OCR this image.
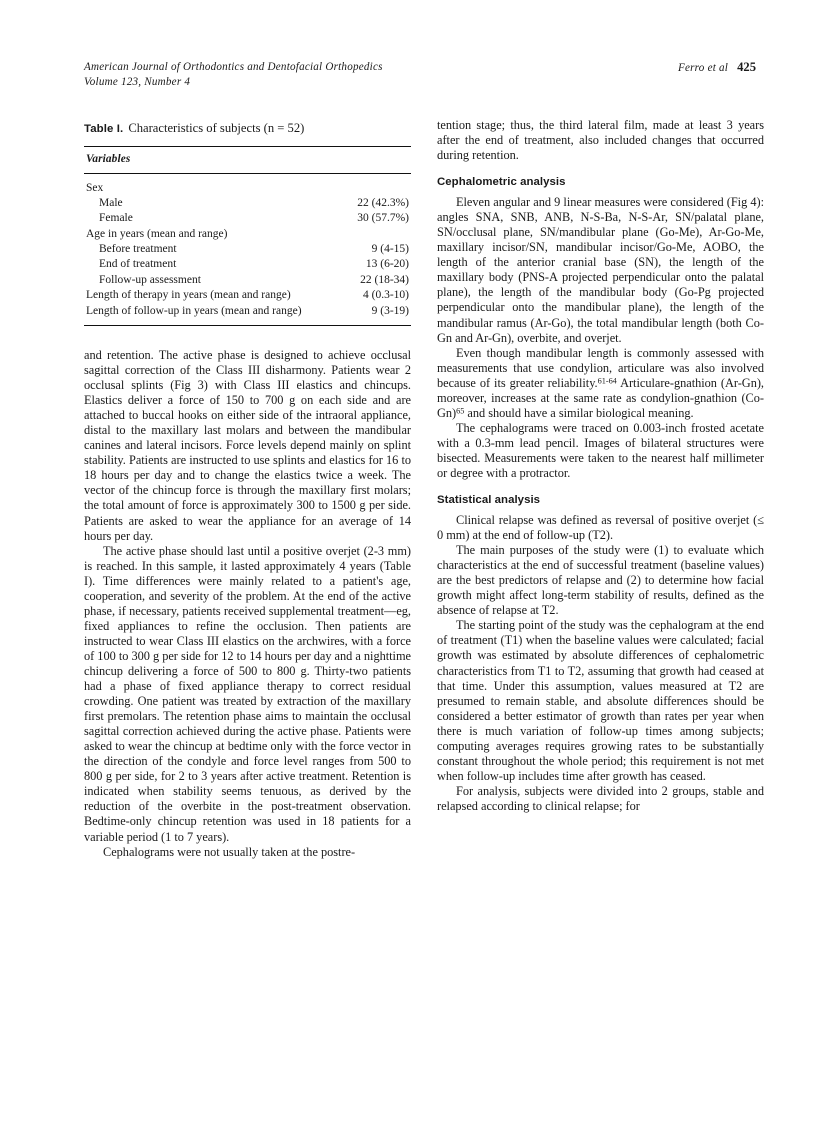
American Journal of Orthodontics and Dentofacial Orthopedics
Volume 123, Number 4
Ferro et al 425
Table I. Characteristics of subjects (n = 52)

Variables	

Sex	
Male	22 (42.3%)
Female	30 (57.7%)
Age in years (mean and range)	
Before treatment	9 (4-15)
End of treatment	13 (6-20)
Follow-up assessment	22 (18-34)
Length of therapy in years (mean and range)	4 (0.3-10)
Length of follow-up in years (mean and range)	9 (3-19)

and retention. The active phase is designed to achieve occlusal sagittal correction of the Class III disharmony. Patients wear 2 occlusal splints (Fig 3) with Class III elastics and chincups. Elastics deliver a force of 150 to 700 g on each side and are attached to buccal hooks on either side of the intraoral appliance, distal to the maxillary last molars and between the mandibular canines and lateral incisors. Force levels depend mainly on splint stability. Patients are instructed to use splints and elastics for 16 to 18 hours per day and to change the elastics twice a week. The vector of the chincup force is through the maxillary first molars; the total amount of force is approximately 300 to 1500 g per side. Patients are asked to wear the appliance for an average of 14 hours per day.

The active phase should last until a positive overjet (2-3 mm) is reached. In this sample, it lasted approximately 4 years (Table I). Time differences were mainly related to a patient's age, cooperation, and severity of the problem. At the end of the active phase, if necessary, patients received supplemental treatment—eg, fixed appliances to refine the occlusion. Then patients are instructed to wear Class III elastics on the archwires, with a force of 100 to 300 g per side for 12 to 14 hours per day and a nighttime chincup delivering a force of 500 to 800 g. Thirty-two patients had a phase of fixed appliance therapy to correct residual crowding. One patient was treated by extraction of the maxillary first premolars. The retention phase aims to maintain the occlusal sagittal correction achieved during the active phase. Patients were asked to wear the chincup at bedtime only with the force vector in the direction of the condyle and force level ranges from 500 to 800 g per side, for 2 to 3 years after active treatment. Retention is indicated when stability seems tenuous, as derived by the reduction of the overbite in the post-treatment observation. Bedtime-only chincup retention was used in 18 patients for a variable period (1 to 7 years).

Cephalograms were not usually taken at the postre-

tention stage; thus, the third lateral film, made at least 3 years after the end of treatment, also included changes that occurred during retention.

Cephalometric analysis

Eleven angular and 9 linear measures were considered (Fig 4): angles SNA, SNB, ANB, N-S-Ba, N-S-Ar, SN/palatal plane, SN/occlusal plane, SN/mandibular plane (Go-Me), Ar-Go-Me, maxillary incisor/SN, mandibular incisor/Go-Me, AOBO, the length of the anterior cranial base (SN), the length of the maxillary body (PNS-A projected perpendicular onto the palatal plane), the length of the mandibular body (Go-Pg projected perpendicular onto the mandibular plane), the length of the mandibular ramus (Ar-Go), the total mandibular length (both Co-Gn and Ar-Gn), overbite, and overjet.

Even though mandibular length is commonly assessed with measurements that use condylion, articulare was also involved because of its greater reliability.$^{61-64}$ Articulare-gnathion (Ar-Gn), moreover, increases at the same rate as condylion-gnathion $(Co-Gn)^{65}$ and should have a similar biological meaning.

The cephalograms were traced on 0.003-inch frosted acetate with a 0.3-mm lead pencil. Images of bilateral structures were bisected. Measurements were taken to the nearest half millimeter or degree with a protractor.

Statistical analysis

Clinical relapse was defined as reversal of positive overjet (≤ 0 mm) at the end of follow-up (T2).

The main purposes of the study were (1) to evaluate which characteristics at the end of successful treatment (baseline values) are the best predictors of relapse and (2) to determine how facial growth might affect long-term stability of results, defined as the absence of relapse at T2.

The starting point of the study was the cephalogram at the end of treatment (T1) when the baseline values were calculated; facial growth was estimated by absolute differences of cephalometric characteristics from T1 to T2, assuming that growth had ceased at that time. Under this assumption, values measured at T2 are presumed to remain stable, and absolute differences should be considered a better estimator of growth than rates per year when there is much variation of follow-up times among subjects; computing averages requires growing rates to be substantially constant throughout the whole period; this requirement is not met when follow-up includes time after growth has ceased.

For analysis, subjects were divided into 2 groups, stable and relapsed according to clinical relapse; for
